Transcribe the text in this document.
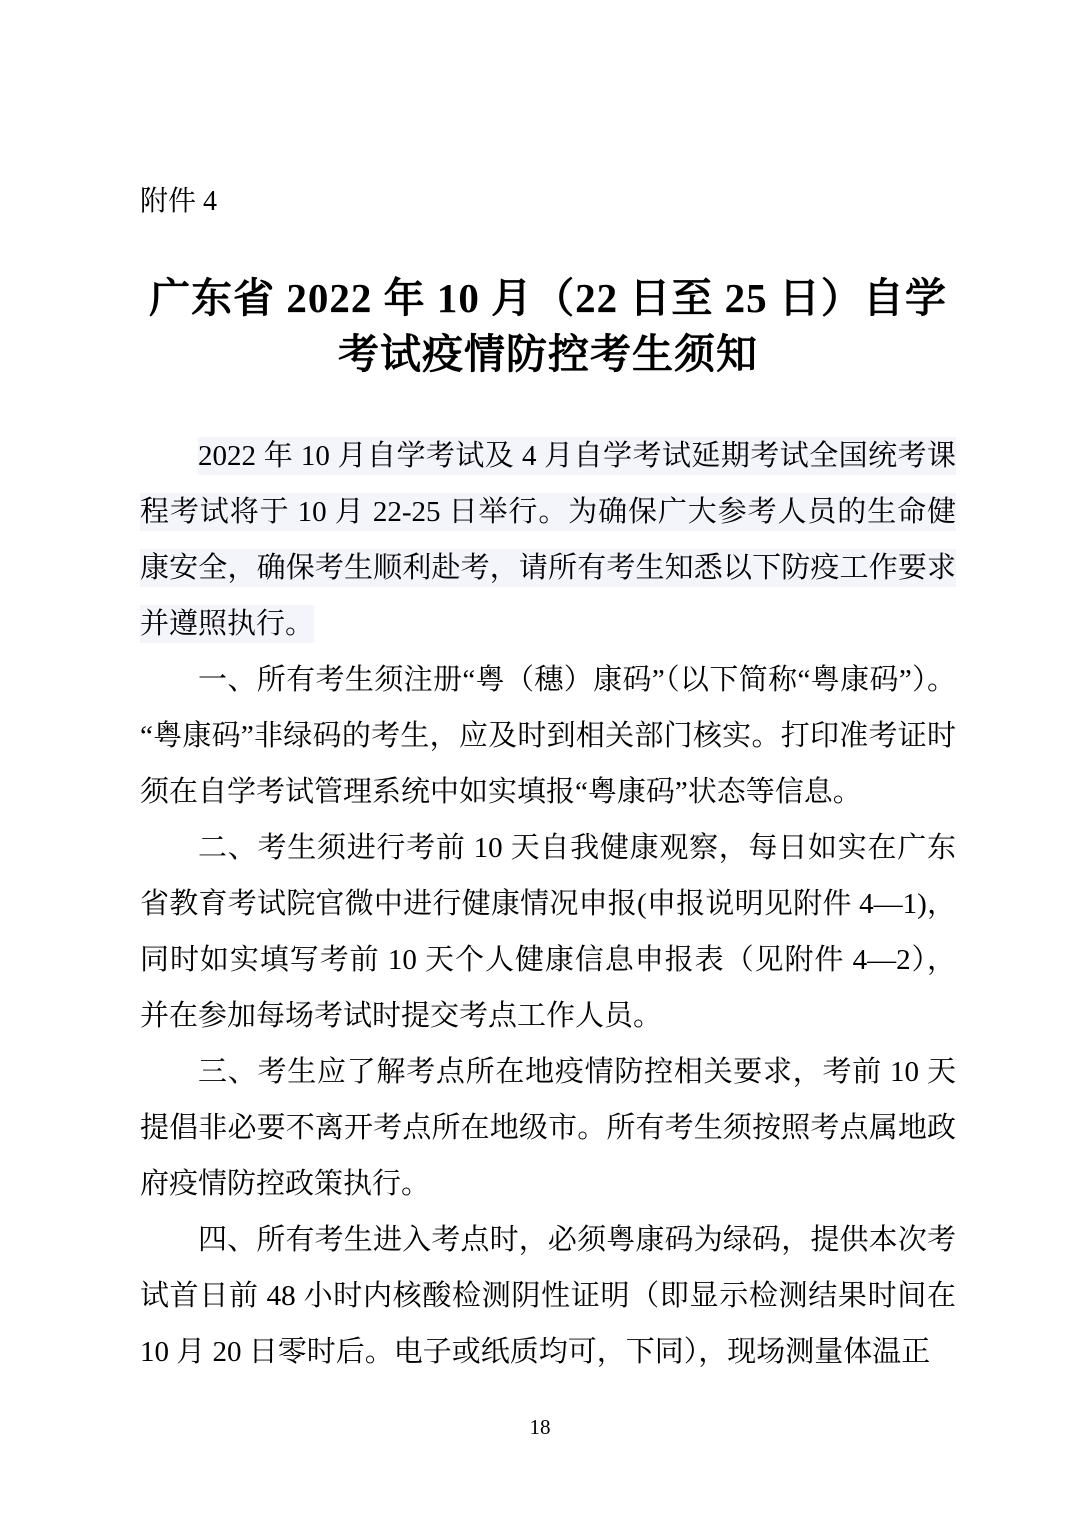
附件 4
广东省 2022 年 10 月（22 日至 25 日）自学
考试疫情防控考生须知

2022 年 10 月自学考试及 4 月自学考试延期考试全国统考课程考试将于 10 月 22-25 日举行。为确保广大参考人员的生命健康安全，确保考生顺利赴考，请所有考生知悉以下防疫工作要求并遵照执行。

一、所有考生须注册“粤（穗）康码”（以下简称“粤康码”）。“粤康码”非绿码的考生，应及时到相关部门核实。打印准考证时须在自学考试管理系统中如实填报“粤康码”状态等信息。

二、考生须进行考前 10 天自我健康观察，每日如实在广东省教育考试院官微中进行健康情况申报(申报说明见附件 4—1)，同时如实填写考前 10 天个人健康信息申报表（见附件 4—2），并在参加每场考试时提交考点工作人员。

三、考生应了解考点所在地疫情防控相关要求，考前 10 天提倡非必要不离开考点所在地级市。所有考生须按照考点属地政府疫情防控政策执行。

四、所有考生进入考点时，必须粤康码为绿码，提供本次考试首日前 48 小时内核酸检测阴性证明（即显示检测结果时间在 10 月 20 日零时后。电子或纸质均可，下同），现场测量体温正

18
